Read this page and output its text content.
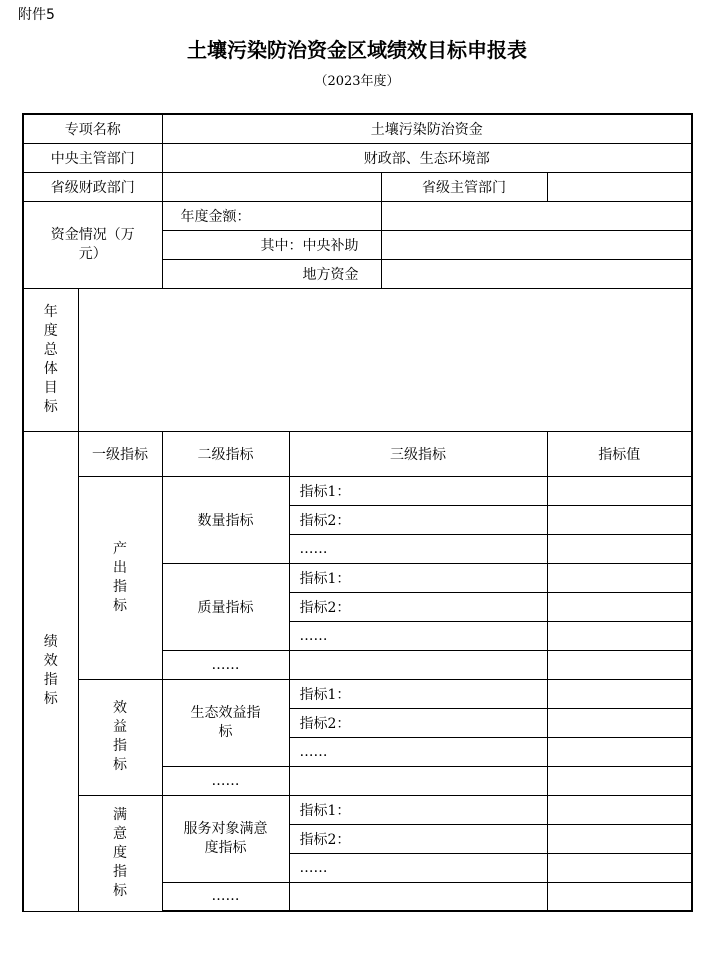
附件5
土壤污染防治资金区域绩效目标申报表
（2023年度）
专项名称		土壤污染防治资金			
中央主管部门		财政部、生态环境部			
省级财政部门				省级主管部门	
资金情况（万元）		年度金额：			
		其中：中央补助			
		地方资金			

年度总体目标					

绩效指标	一级指标	二级指标	三级指标		指标值

	产出指标	数量指标	指标1：		
			指标2：		
			……		
		质量指标	指标1：		
			指标2：		
			……		
		……			

	效益指标	生态效益指标	指标1：		
			指标2：		
			……		
		……			

	满意度指标	服务对象满意度指标	指标1：		
			指标2：		
			……		
		……			
